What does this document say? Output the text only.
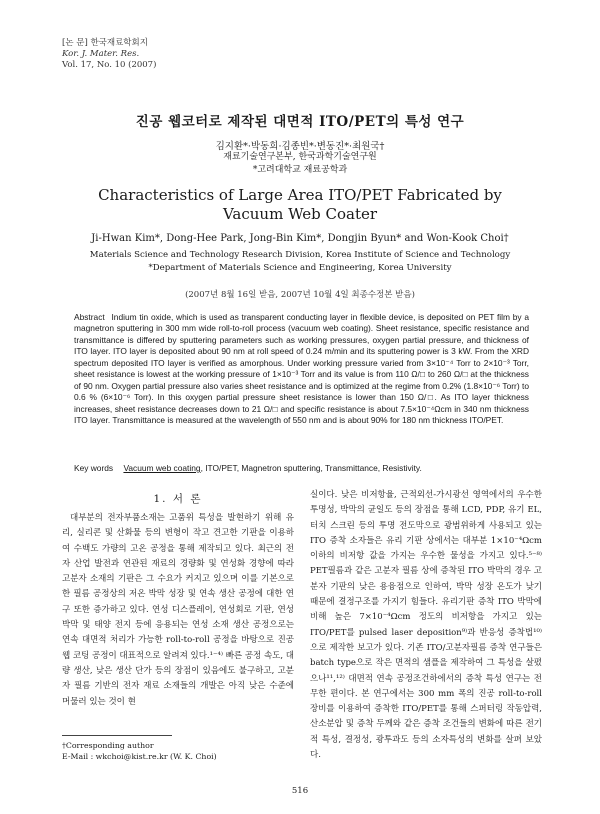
[논 문] 한국재료학회지
Kor. J. Mater. Res.
Vol. 17, No. 10 (2007)
진공 웹코터로 제작된 대면적 ITO/PET의 특성 연구
김지환*·박동희·김종빈*·변동진*·최원국†
재료기술연구본부, 한국과학기술연구원
*고려대학교 재료공학과
Characteristics of Large Area ITO/PET Fabricated by
Vacuum Web Coater
Ji-Hwan Kim*, Dong-Hee Park, Jong-Bin Kim*, Dongjin Byun* and Won-Kook Choi†
Materials Science and Technology Research Division, Korea Institute of Science and Technology
*Department of Materials Science and Engineering, Korea University
(2007년 8월 16일 받음, 2007년 10월 4일 최종수정본 받음)
Abstract Indium tin oxide, which is used as transparent conducting layer in flexible device, is deposited on PET film by a magnetron sputtering in 300 mm wide roll-to-roll process (vacuum web coating). Sheet resistance, specific resistance and transmittance is differed by sputtering parameters such as working pressures, oxygen partial pressure, and thickness of ITO layer. ITO layer is deposited about 90 nm at roll speed of 0.24 m/min and its sputtering power is 3 kW. From the XRD spectrum deposited ITO layer is verified as amorphous. Under working pressure varied from 3×10⁻⁴ Torr to 2×10⁻³ Torr, sheet resistance is lowest at the working pressure of 1×10⁻³ Torr and its value is from 110 Ω/□ to 260 Ω/□ at the thickness of 90 nm. Oxygen partial pressure also varies sheet resistance and is optimized at the regime from 0.2% (1.8×10⁻⁶ Torr) to 0.6 % (6×10⁻⁶ Torr). In this oxygen partial pressure sheet resistance is lower than 150 Ω/□. As ITO layer thickness increases, sheet resistance decreases down to 21 Ω/□ and specific resistance is about 7.5×10⁻⁴Ωcm in 340 nm thickness ITO layer. Transmittance is measured at the wavelength of 550 nm and is about 90% for 180 nm thickness ITO/PET.
Key words Vacuum web coating, ITO/PET, Magnetron sputtering, Transmittance, Resistivity.
1. 서 론
대부분의 전자부품소재는 고품위 특성을 발현하기 위해 유리, 실리콘 및 산화물 등의 변형이 작고 견고한 기판을 이용하여 수백도 가량의 고온 공정을 통해 제작되고 있다. 최근의 전자 산업 발전과 연관된 재료의 경량화 및 연성화 경향에 따라 고분자 소재의 기판은 그 수요가 커지고 있으며 이를 기본으로 한 필름 공정상의 저온 박막 성장 및 연속 생산 공정에 대한 연구 또한 증가하고 있다. 연성 디스플레이, 연성회로 기판, 연성 박막 및 태양 전지 등에 응용되는 연성 소재 생산 공정으로는 연속 대면적 처리가 가능한 roll-to-roll 공정을 바탕으로 진공 웹 코팅 공정이 대표적으로 알려져 있다.¹⁻⁴⁾ 빠른 공정 속도, 대량 생산, 낮은 생산 단가 등의 장점이 있음에도 불구하고, 고분자 필름 기반의 전자 재료 소재들의 개발은 아직 낮은 수준에 머물러 있는 것이 현
실이다. 낮은 비저항율, 근적외선-가시광선 영역에서의 우수한 투명성, 박막의 균일도 등의 장점을 통해 LCD, PDP, 유기 EL, 터치 스크린 등의 투명 전도막으로 광범위하게 사용되고 있는 ITO 증착 소자들은 유리 기판 상에서는 대부분 1×10⁻⁴Ωcm 이하의 비저항 값을 가지는 우수한 물성을 가지고 있다.⁵⁻⁸⁾ PET필름과 같은 고분자 필름 상에 증착된 ITO 박막의 경우 고분자 기판의 낮은 용융점으로 인하여, 박막 성장 온도가 낮기 때문에 결정구조를 가지기 힘들다. 유리기판 증착 ITO 박막에 비해 높은 7×10⁻⁴Ωcm 정도의 비저항을 가지고 있는 ITO/PET를 pulsed laser deposition⁹⁾과 반응성 증착법¹⁰⁾으로 제작한 보고가 있다. 기존 ITO/고분자필름 증착 연구들은 batch type으로 작은 면적의 샘플을 제작하여 그 특성을 살폈으나¹¹,¹²⁾ 대면적 연속 공정조건하에서의 증착 특성 연구는 전무한 편이다. 본 연구에서는 300 mm 폭의 진공 roll-to-roll 장비를 이용하여 증착한 ITO/PET를 통해 스퍼터링 작동압력, 산소분압 및 증착 두께와 같은 증착 조건들의 변화에 따른 전기적 특성, 결정성, 광투과도 등의 소자특성의 변화를 살펴 보았다.
†Corresponding author
E-Mail : wkchoi@kist.re.kr (W. K. Choi)
516
